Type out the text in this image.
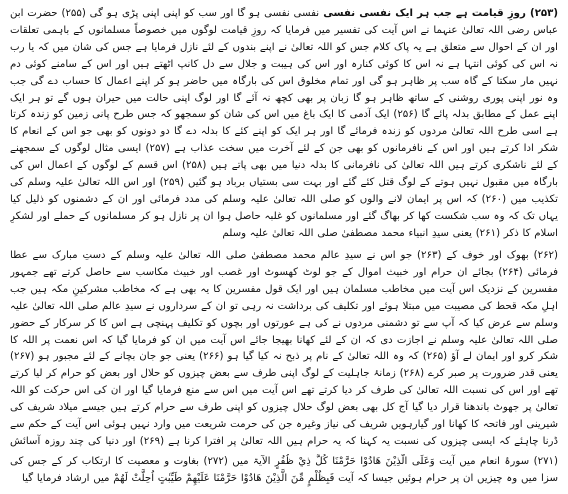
(۲۵۳) روزِ قیامت ہے جب ہر ایک نفسی نفسی نفسی نفسی ہو گا اور سب کو اپنی اپنی پڑی ہو گی (۲۵۵) حضرت ابن عباس رضی اللہ تعالیٰ عنہما نے اس آیت کی تفسیر میں فرمایا کہ روزِ قیامت لوگوں میں خصوصاً مسلمانوں کے باہمی تعلقات اور ان کے احوال سے متعلق ہے یہ پاک کلام جس کو اللہ تعالیٰ نے اپنے بندوں کے لئے نازل فرمایا ہے جس کی شان میں کہ یا رب نہ اس کی کوئی انتہا ہے نہ اس کا کوئی کنارہ اور اس کی ہیبت و جلال سے دل کانپ اٹھتے ہیں اور اس کے سامنے کوئی دم نہیں مار سکتا کے گاہ سب پر ظاہر ہو گی اور تمام مخلوق اس کی بارگاہ میں حاضر ہو کر اپنے اعمال کا حساب دے گی جب وہ نور اپنی پوری روشنی کے ساتھ ظاہر ہو گا زبان پر بھی کچھ نہ آئے گا اور لوگ اپنی حالت میں حیران ہوں گے تو ہر ایک اپنے عمل کے مطابق بدلہ پائے گا (۲۵۶) ایک آدمی کا ایک باغ میں اس کی شان کو سمجھو کہ جس طرح پانی زمین کو زندہ کرتا ہے اسی طرح اللہ تعالیٰ مردوں کو زندہ فرمائے گا اور ہر ایک کو اپنے کئے کا بدلہ دے گا دو دونوں کو بھی جو اس کے انعام کا شکر ادا کرتے ہیں اور اس کے نافرمانوں کو بھی جن کے لئے آخرت میں سخت عذاب ہے (۲۵۷) ایسی مثال لوگوں کے سمجھنے کے لئے ناشکری کرتے ہیں اللہ تعالیٰ کی نافرمانی کا بدلہ دنیا میں بھی پاتے ہیں (۲۵۸) اس قسم کے لوگوں کے اعمال اس کی بارگاہ میں مقبول نہیں ہوتے کے لوگ قتل کئے گئے اور بہت سی بستیاں برباد ہو گئیں (۲۵۹) اور اس اللہ تعالیٰ علیہ وسلم کی تکذیب میں (۲۶۰) کہ اس پر ایمان لانے والوں کو صلی اللہ تعالیٰ علیہ وسلم کی مدد فرمائی اور ان کے دشمنوں کو ذلیل کیا یہاں تک کہ وہ سب شکست کھا کر بھاگ گئے اور مسلمانوں کو غلبہ حاصل ہوا ان پر نازل ہو کر مسلمانوں کے حملے اور لشکرِ اسلام کا ذکر (۲۶۱) یعنی سیدِ انبیاء محمد مصطفیٰ صلی اللہ تعالیٰ علیہ وسلم

(۲۶۲) بھوک اور خوف کے (۲۶۳) جو اس نے سیدِ عالم محمد مصطفیٰ صلی اللہ تعالیٰ علیہ وسلم کے دستِ مبارک سے عطا فرمائی (۲۶۴) بجائے ان حرام اور خبیث اموال کے جو لوٹ کھسوٹ اور غصب اور خبیث مکاسب سے حاصل کرتے تھے جمہور مفسرین کے نزدیک اس آیت میں مخاطب مسلمان ہیں اور ایک قول مفسرین کا یہ بھی ہے کہ مخاطب مشرکینِ مکہ ہیں جب اہلِ مکہ قحط کی مصیبت میں مبتلا ہوئے اور تکلیف کی برداشت نہ رہی تو ان کے سرداروں نے سیدِ عالم صلی اللہ تعالیٰ علیہ وسلم سے عرض کیا کہ آپ سے تو دشمنی مردوں نے کی ہے عورتوں اور بچوں کو تکلیف پہنچی ہے اس کا کر سرکار کے حضور صلی اللہ تعالیٰ علیہ وسلم نے اجازت دی کہ ان کے لئے کھانا بھیجا جائے اس آیت میں ان کو فرمایا گیا کہ اس نعمت پر اللہ کا شکر کرو اور ایمان لے آؤ (۲۶۵) کہ وہ اللہ تعالیٰ کے نام پر ذبح نہ کیا گیا ہو (۲۶۶) یعنی جو جان بچانے کے لئے مجبور ہو (۲۶۷) یعنی قدر ضرورت پر صبر کرے (۲۶۸) زمانۂ جاہلیت کے لوگ اپنی طرف سے بعض چیزوں کو حلال اور بعض کو حرام کر لیا کرتے تھے اور اس کی نسبت اللہ تعالیٰ کی طرف کر دیا کرتے تھے اس آیت میں اس سے منع فرمایا گیا اور ان کی اس حرکت کو اللہ تعالیٰ پر جھوٹ باندھنا قرار دیا گیا آج کل بھی بعض لوگ حلال چیزوں کو اپنی طرف سے حرام کرتے ہیں جیسے میلاد شریف کی شیرینی اور فاتحہ کا کھانا اور گیارہویں شریف کی نیاز وغیرہ جن کی حرمت شریعت میں وارد نہیں ہوئی اس آیت کے حکم سے ڈرنا چاہئے کہ ایسی چیزوں کی نسبت یہ کہنا کہ یہ حرام ہیں اللہ تعالیٰ پر افترا کرنا ہے (۲۶۹) اور دنیا کی چند روزہ آسائش

(۲۷۱) سورۂ انعام میں آیت وَعَلَى الَّذِيْنَ هَادُوْا حَرَّمْنَا كُلَّ ذِيْ ظُفُرٍ الآیۃ میں (۲۷۲) بغاوت و معصیت کا ارتکاب کر کے جس کی سزا میں وہ چیزیں ان پر حرام ہوئیں جیسا کہ آیت فَبِظُلْمٍ مِّنَ الَّذِيْنَ هَادُوْا حَرَّمْنَا عَلَيْهِمْ طَيِّبٰتٍ اُحِلَّتْ لَهُمْ میں ارشاد فرمایا گیا
